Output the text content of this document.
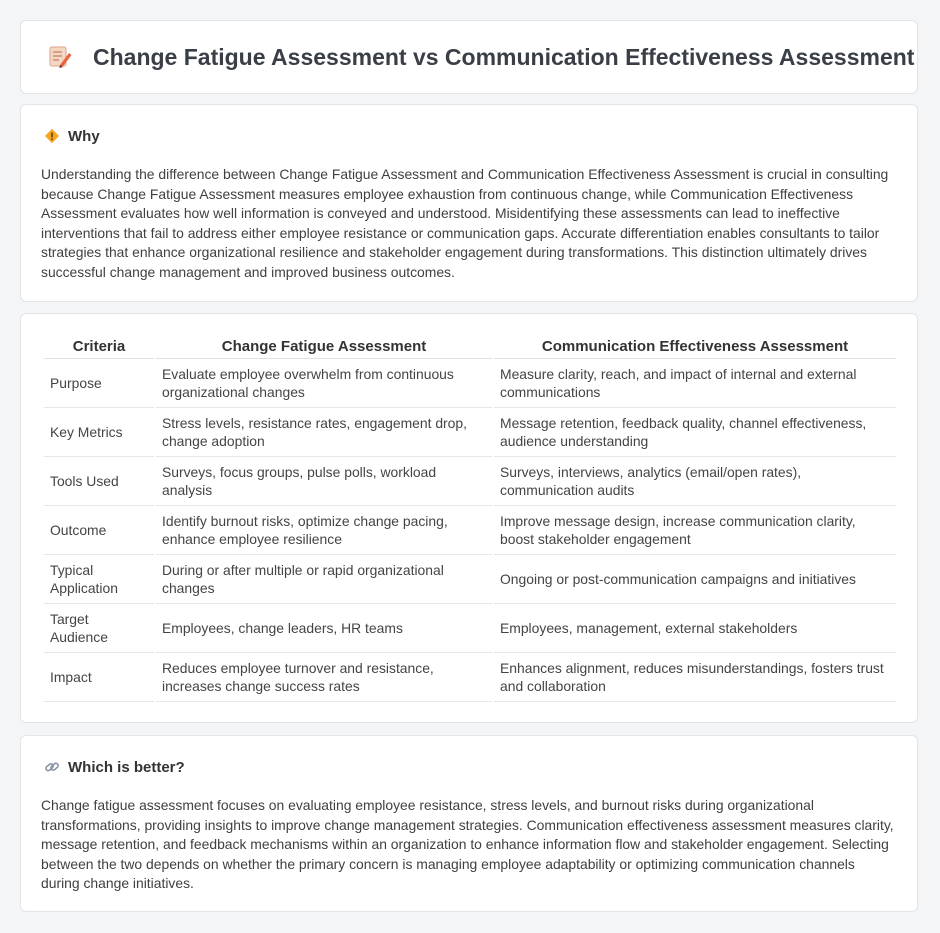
Change Fatigue Assessment vs Communication Effectiveness Assessment
Why
Understanding the difference between Change Fatigue Assessment and Communication Effectiveness Assessment is crucial in consulting because Change Fatigue Assessment measures employee exhaustion from continuous change, while Communication Effectiveness Assessment evaluates how well information is conveyed and understood. Misidentifying these assessments can lead to ineffective interventions that fail to address either employee resistance or communication gaps. Accurate differentiation enables consultants to tailor strategies that enhance organizational resilience and stakeholder engagement during transformations. This distinction ultimately drives successful change management and improved business outcomes.
Criteria	Change Fatigue Assessment	Communication Effectiveness Assessment
Purpose	Evaluate employee overwhelm from continuous organizational changes	Measure clarity, reach, and impact of internal and external communications
Key Metrics	Stress levels, resistance rates, engagement drop, change adoption	Message retention, feedback quality, channel effectiveness, audience understanding
Tools Used	Surveys, focus groups, pulse polls, workload analysis	Surveys, interviews, analytics (email/open rates), communication audits
Outcome	Identify burnout risks, optimize change pacing, enhance employee resilience	Improve message design, increase communication clarity, boost stakeholder engagement
Typical Application	During or after multiple or rapid organizational changes	Ongoing or post-communication campaigns and initiatives
Target Audience	Employees, change leaders, HR teams	Employees, management, external stakeholders
Impact	Reduces employee turnover and resistance, increases change success rates	Enhances alignment, reduces misunderstandings, fosters trust and collaboration
Which is better?
Change fatigue assessment focuses on evaluating employee resistance, stress levels, and burnout risks during organizational transformations, providing insights to improve change management strategies. Communication effectiveness assessment measures clarity, message retention, and feedback mechanisms within an organization to enhance information flow and stakeholder engagement. Selecting between the two depends on whether the primary concern is managing employee adaptability or optimizing communication channels during change initiatives.
